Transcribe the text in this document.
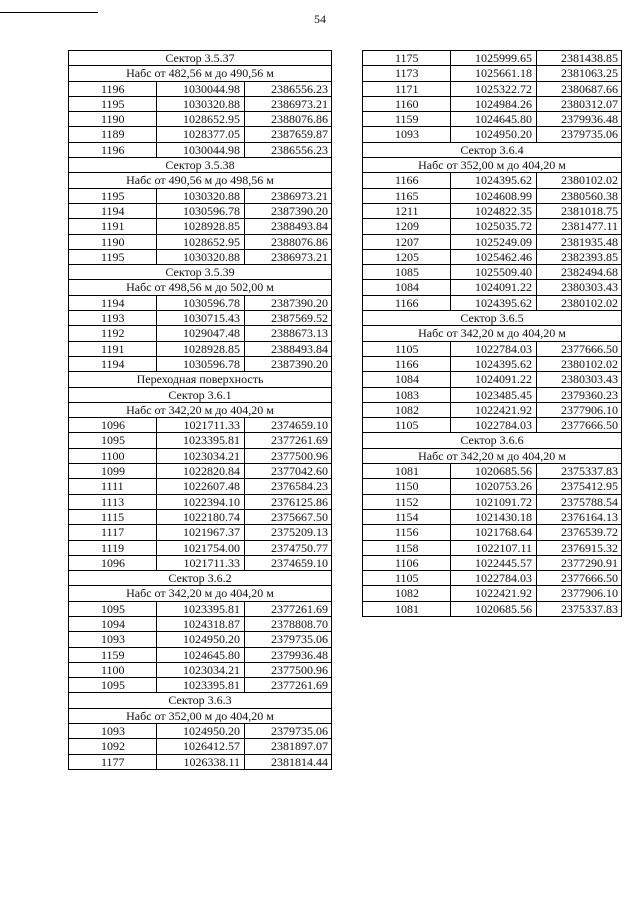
54
Сектор 3.5.37		
Набс от 482,56 м до 490,56 м		
1196	1030044.98	2386556.23
1195	1030320.88	2386973.21
1190	1028652.95	2388076.86
1189	1028377.05	2387659.87
1196	1030044.98	2386556.23
Сектор 3.5.38		
Набс от 490,56 м до 498,56 м		
1195	1030320.88	2386973.21
1194	1030596.78	2387390.20
1191	1028928.85	2388493.84
1190	1028652.95	2388076.86
1195	1030320.88	2386973.21
Сектор 3.5.39		
Набс от 498,56 м до 502,00 м		
1194	1030596.78	2387390.20
1193	1030715.43	2387569.52
1192	1029047.48	2388673.13
1191	1028928.85	2388493.84
1194	1030596.78	2387390.20
Переходная поверхность		
Сектор 3.6.1		
Набс от 342,20 м до 404,20 м		
1096	1021711.33	2374659.10
1095	1023395.81	2377261.69
1100	1023034.21	2377500.96
1099	1022820.84	2377042.60
1111	1022607.48	2376584.23
1113	1022394.10	2376125.86
1115	1022180.74	2375667.50
1117	1021967.37	2375209.13
1119	1021754.00	2374750.77
1096	1021711.33	2374659.10
Сектор 3.6.2		
Набс от 342,20 м до 404,20 м		
1095	1023395.81	2377261.69
1094	1024318.87	2378808.70
1093	1024950.20	2379735.06
1159	1024645.80	2379936.48
1100	1023034.21	2377500.96
1095	1023395.81	2377261.69
Сектор 3.6.3		
Набс от 352,00 м до 404,20 м		
1093	1024950.20	2379735.06
1092	1026412.57	2381897.07
1177	1026338.11	2381814.44
1175	1025999.65	2381438.85
1173	1025661.18	2381063.25
1171	1025322.72	2380687.66
1160	1024984.26	2380312.07
1159	1024645.80	2379936.48
1093	1024950.20	2379735.06
Сектор 3.6.4		
Набс от 352,00 м до 404,20 м		
1166	1024395.62	2380102.02
1165	1024608.99	2380560.38
1211	1024822.35	2381018.75
1209	1025035.72	2381477.11
1207	1025249.09	2381935.48
1205	1025462.46	2382393.85
1085	1025509.40	2382494.68
1084	1024091.22	2380303.43
1166	1024395.62	2380102.02
Сектор 3.6.5		
Набс от 342,20 м до 404,20 м		
1105	1022784.03	2377666.50
1166	1024395.62	2380102.02
1084	1024091.22	2380303.43
1083	1023485.45	2379360.23
1082	1022421.92	2377906.10
1105	1022784.03	2377666.50
Сектор 3.6.6		
Набс от 342,20 м до 404,20 м		
1081	1020685.56	2375337.83
1150	1020753.26	2375412.95
1152	1021091.72	2375788.54
1154	1021430.18	2376164.13
1156	1021768.64	2376539.72
1158	1022107.11	2376915.32
1106	1022445.57	2377290.91
1105	1022784.03	2377666.50
1082	1022421.92	2377906.10
1081	1020685.56	2375337.83
